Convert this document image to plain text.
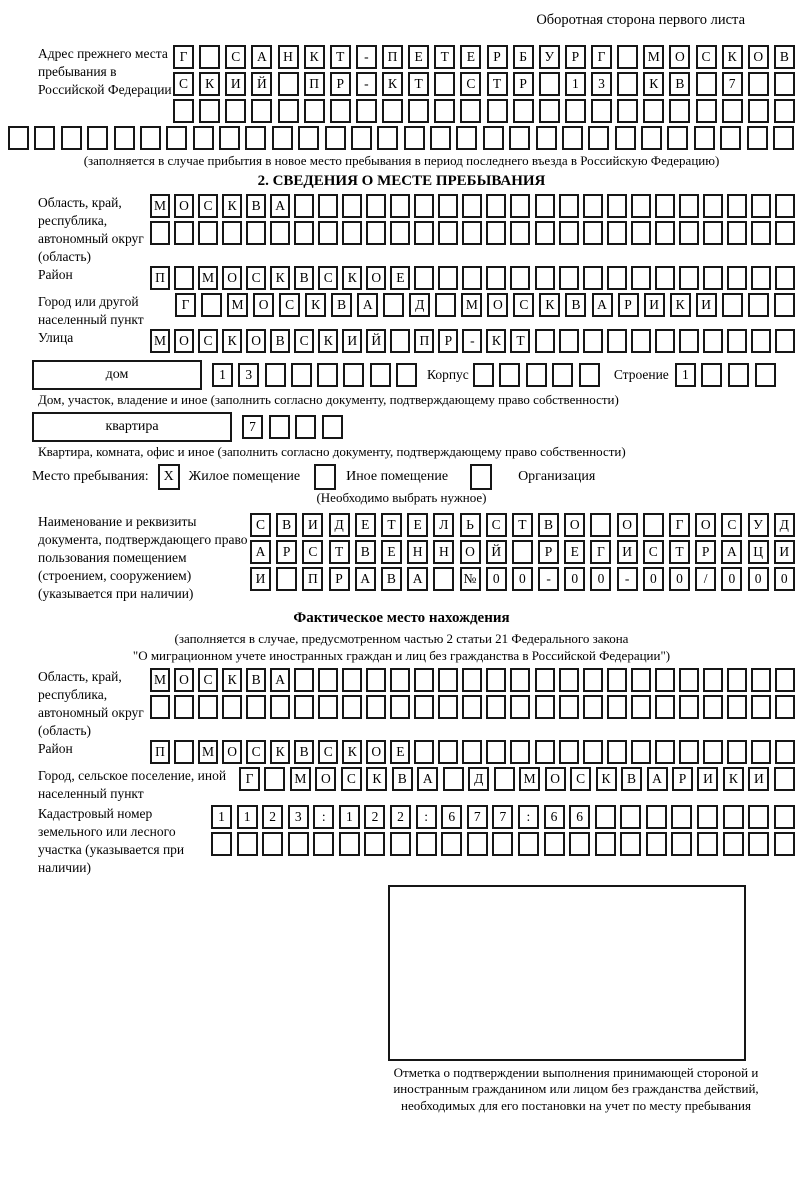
Оборотная сторона первого листа
Адрес прежнего места пребывания в Российской Федерации
Г	С	А	Н	К	Т	-	П	Е	Т	Е	Р	Б	У	Р	Г	М	О	С	К	О	В
С	К	И	Й	П	Р	-	К	Т	С	Т	Р	1	3	К	В	7
(заполняется в случае прибытия в новое место пребывания в период последнего въезда в Российскую Федерацию)
2. СВЕДЕНИЯ О МЕСТЕ ПРЕБЫВАНИЯ
Область, край, республика, автономный округ (область)
М О	С	К	В	А
Район	П	М О	С	К	В	С	К	О	Е
Город или другой населенный пункт
Г	М	О	С	К	В	А	Д	М	О	С	К	В	А	Р	И	К	И
Улица	М О	С	К	О	В	С	К	И	Й	П	Р	-	К	Т
дом	1	3	Корпус	Строение 1
Дом, участок, владение и иное (заполнить согласно документу, подтверждающему право собственности)
квартира	7
Квартира, комната, офис и иное (заполнить согласно документу, подтверждающему право собственности)
Место пребывания:	X	Жилое помещение	Иное помещение	Организация
(Необходимо выбрать нужное)
Наименование и реквизиты документа, подтверждающего право пользования помещением (строением, сооружением) (указывается при наличии)
С	В	И	Д	Е	Т	Е	Л	Ь	С	Т	В	О	О	Г	О	С	У	Д
А	Р	С	Т	В	Е	Н	Н	О	Й	Р	Е	Г	И	С	Т	Р	А	Ц	И
И	П	Р	А	В	А	№	0	0	-	0	0	-	0	0	/	0	0	0
Фактическое место нахождения
(заполняется в случае, предусмотренном частью 2 статьи 21 Федерального закона
"О миграционном учете иностранных граждан и лиц без гражданства в Российской Федерации")
Область, край, республика, автономный округ (область)
М О	С	К	В	А
Район	П	М О	С	К	В	С	К	О	Е
Город, сельское поселение, иной населенный пункт
Г	М	О	С	К	В	А	Д	М	О	С	К	В	А	Р	И	К	И
Кадастровый номер земельного или лесного участка (указывается при наличии)
1	1	2	3	:	1	2	2	:	6	7	7	:	6	6
Отметка о подтверждении выполнения принимающей стороной и иностранным гражданином или лицом без гражданства действий, необходимых для его постановки на учет по месту пребывания
